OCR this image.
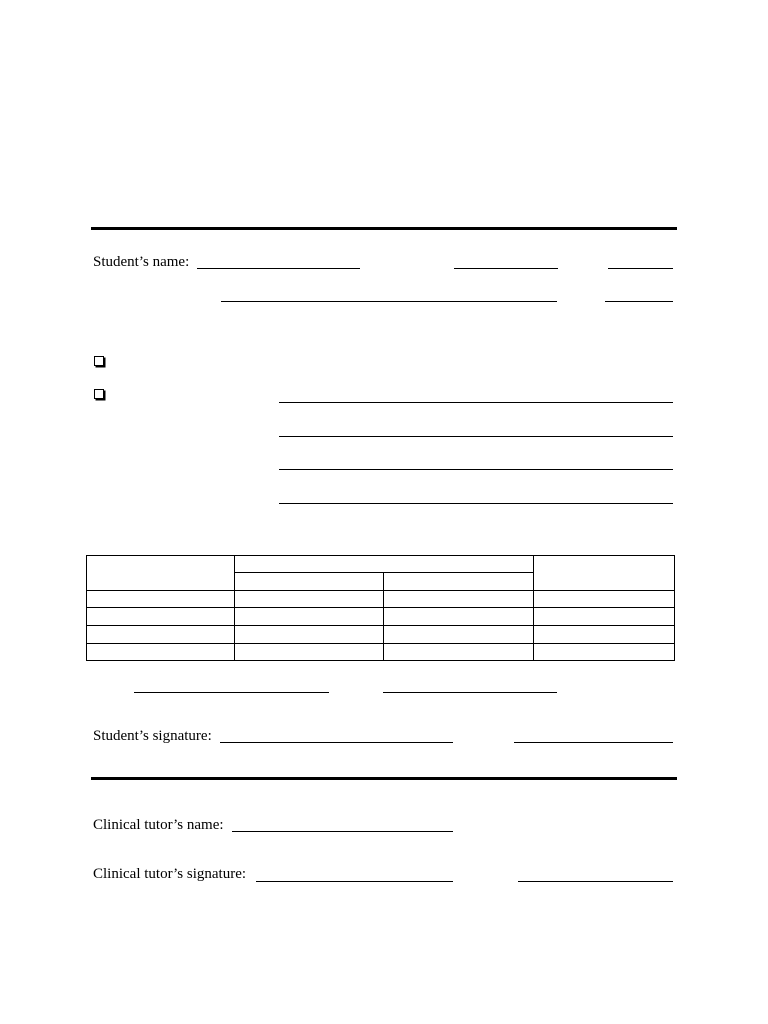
Student’s name:

Student’s signature:
Clinical tutor’s name:
Clinical tutor’s signature:
